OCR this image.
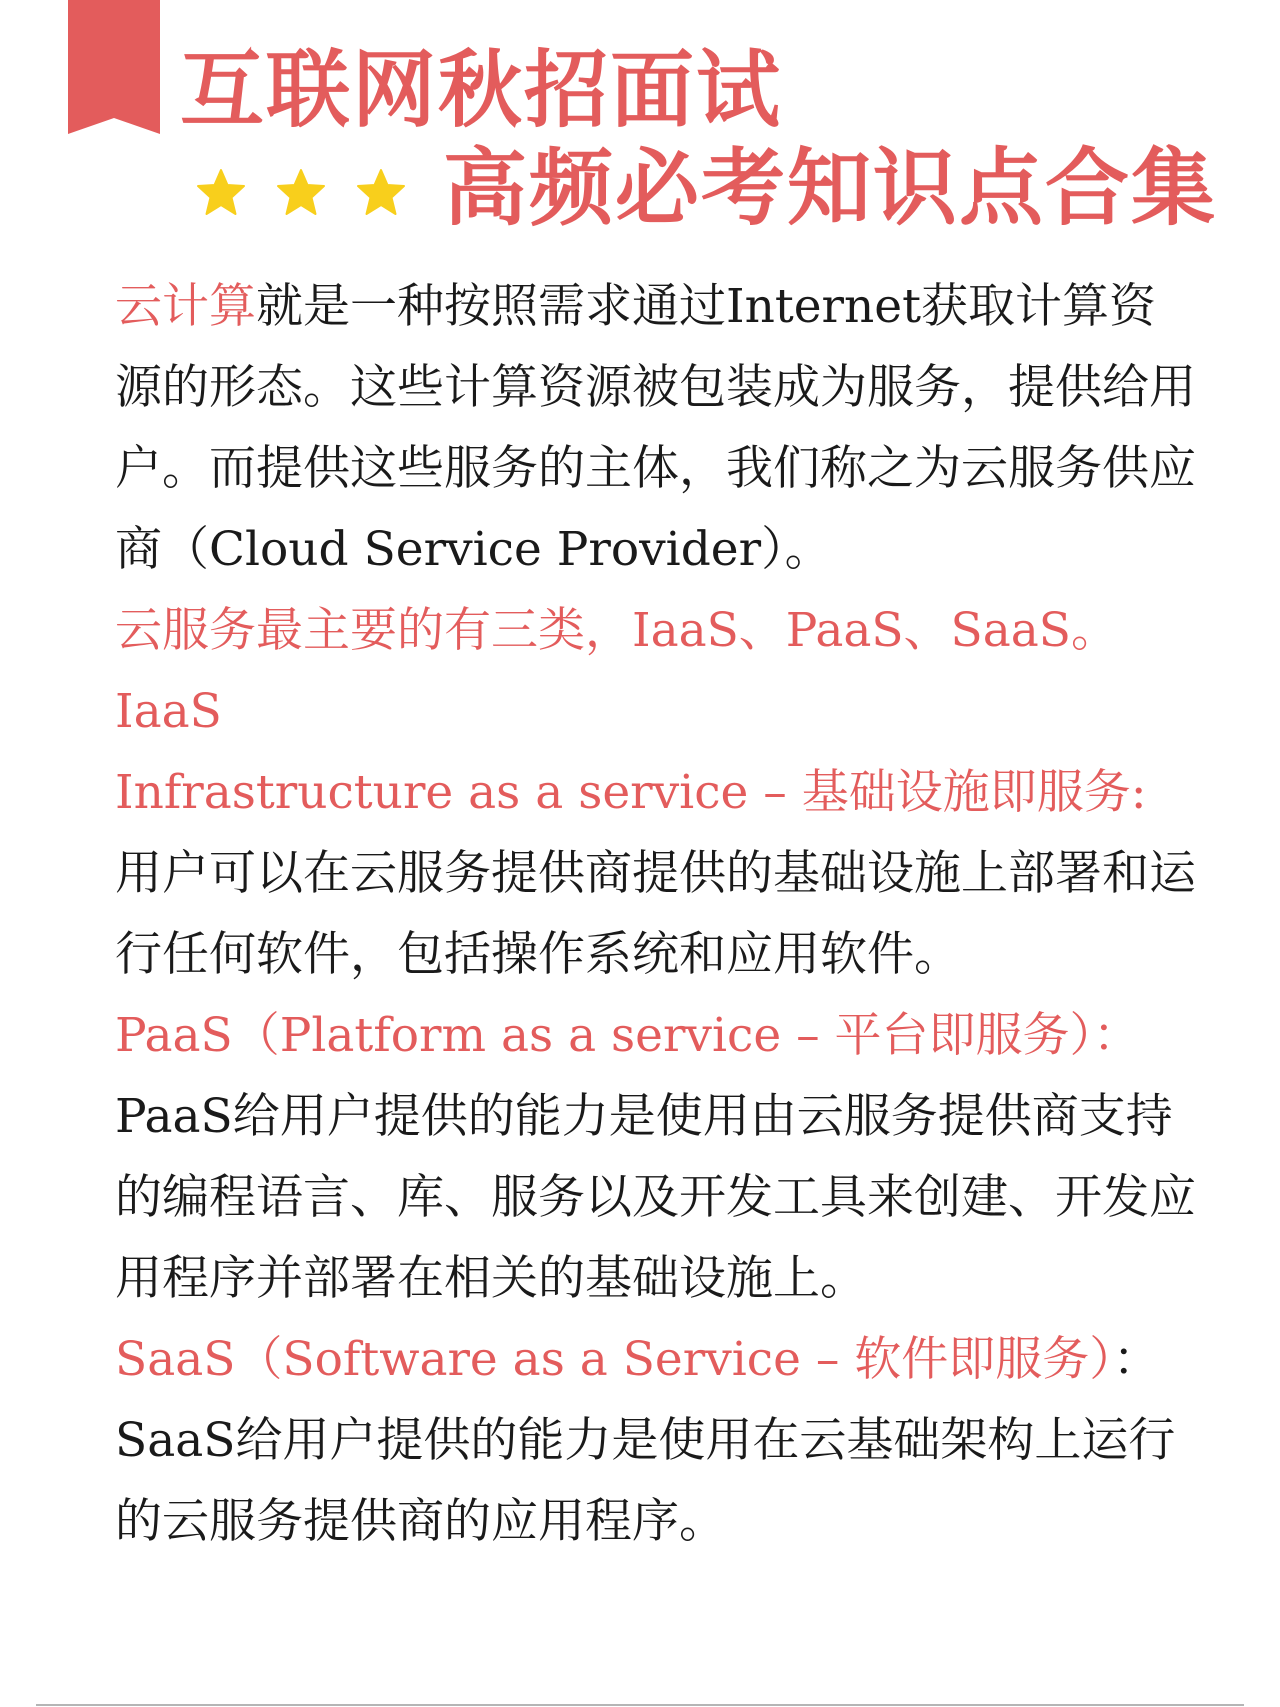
互联网秋招面试
高频必考知识点合集

云计算就是一种按照需求通过Internet获取计算资源的形态。这些计算资源被包装成为服务，提供给用户。而提供这些服务的主体，我们称之为云服务供应商（Cloud Service Provider）。

云服务最主要的有三类，IaaS、PaaS、SaaS。

IaaS

Infrastructure as a service – 基础设施即服务:

用户可以在云服务提供商提供的基础设施上部署和运行任何软件，包括操作系统和应用软件。

PaaS（Platform as a service – 平台即服务）：

PaaS给用户提供的能力是使用由云服务提供商支持的编程语言、库、服务以及开发工具来创建、开发应用程序并部署在相关的基础设施上。

SaaS（Software as a Service – 软件即服务）：

SaaS给用户提供的能力是使用在云基础架构上运行的云服务提供商的应用程序。
